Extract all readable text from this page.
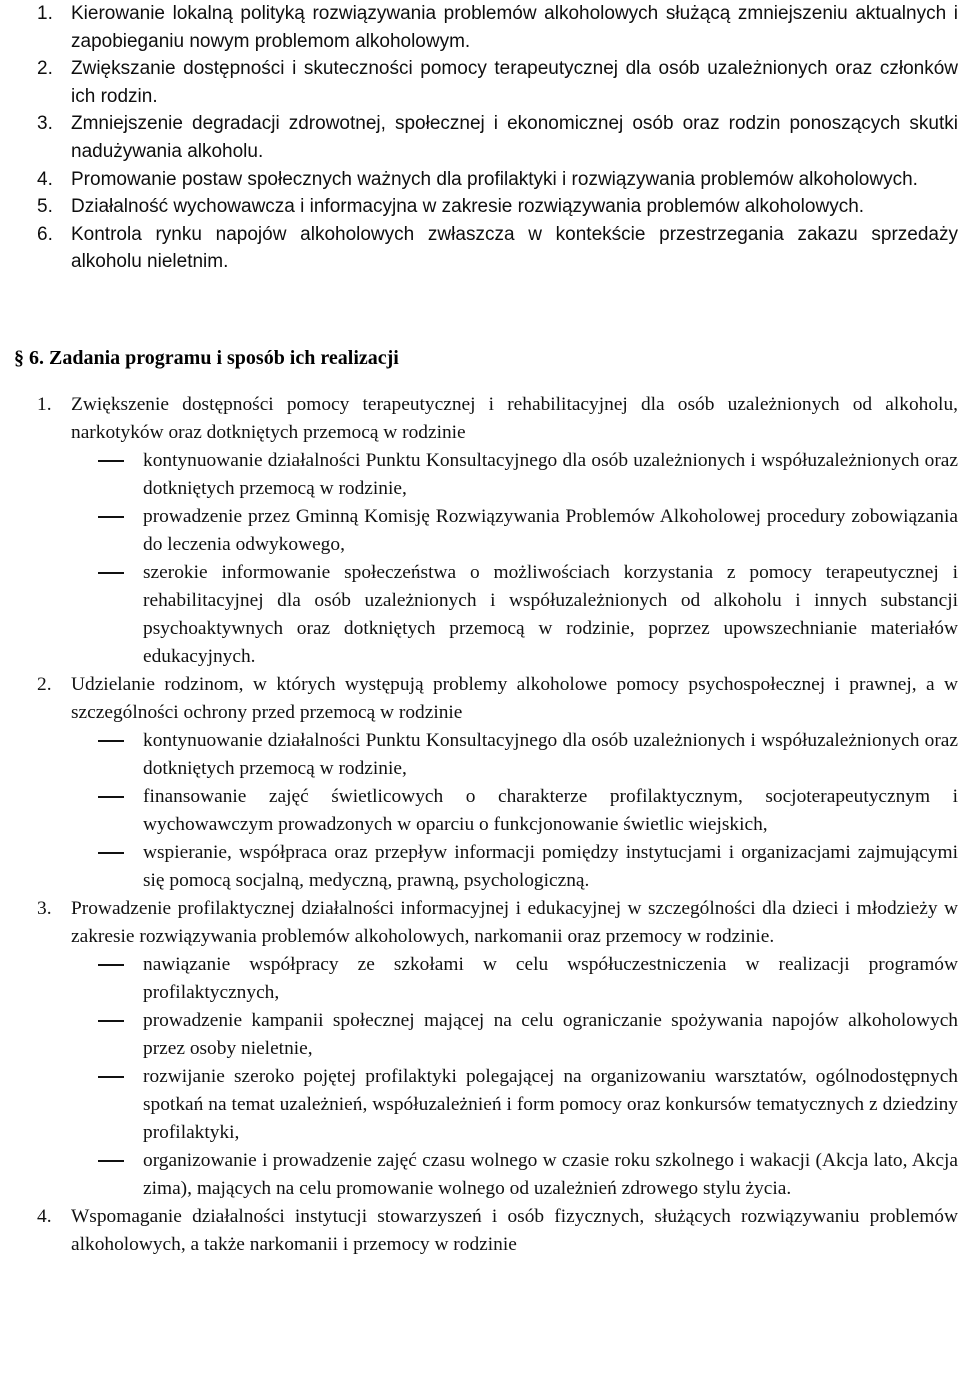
1. Kierowanie lokalną polityką rozwiązywania problemów alkoholowych służącą zmniejszeniu aktualnych i zapobieganiu nowym problemom alkoholowym.
2. Zwiększanie dostępności i skuteczności pomocy terapeutycznej dla osób uzależnionych oraz członków ich rodzin.
3. Zmniejszenie degradacji zdrowotnej, społecznej i ekonomicznej osób oraz rodzin ponoszących skutki nadużywania alkoholu.
4. Promowanie postaw społecznych ważnych dla profilaktyki i rozwiązywania problemów alkoholowych.
5. Działalność wychowawcza i informacyjna w zakresie rozwiązywania problemów alkoholowych.
6. Kontrola rynku napojów alkoholowych zwłaszcza w kontekście przestrzegania zakazu sprzedaży alkoholu nieletnim.
§ 6. Zadania programu i sposób ich realizacji
1. Zwiększenie dostępności pomocy terapeutycznej i rehabilitacyjnej dla osób uzależnionych od alkoholu, narkotyków oraz dotkniętych przemocą w rodzinie
kontynuowanie działalności Punktu Konsultacyjnego dla osób uzależnionych i współuzależnionych oraz dotkniętych przemocą w rodzinie,
prowadzenie przez Gminną Komisję Rozwiązywania Problemów Alkoholowej procedury zobowiązania do leczenia odwykowego,
szerokie informowanie społeczeństwa o możliwościach korzystania z pomocy terapeutycznej i rehabilitacyjnej dla osób uzależnionych i współuzależnionych od alkoholu i innych substancji psychoaktywnych oraz dotkniętych przemocą w rodzinie, poprzez upowszechnianie materiałów edukacyjnych.
2. Udzielanie rodzinom, w których występują problemy alkoholowe pomocy psychospołecznej i prawnej, a w szczególności ochrony przed przemocą w rodzinie
kontynuowanie działalności Punktu Konsultacyjnego dla osób uzależnionych i współuzależnionych oraz dotkniętych przemocą w rodzinie,
finansowanie zajęć świetlicowych o charakterze profilaktycznym, socjoterapeutycznym i wychowawczym prowadzonych w oparciu o funkcjonowanie świetlic wiejskich,
wspieranie, współpraca oraz przepływ informacji pomiędzy instytucjami i organizacjami zajmującymi się pomocą socjalną, medyczną, prawną, psychologiczną.
3. Prowadzenie profilaktycznej działalności informacyjnej i edukacyjnej w szczególności dla dzieci i młodzieży w zakresie rozwiązywania problemów alkoholowych, narkomanii oraz przemocy w rodzinie.
nawiązanie współpracy ze szkołami w celu współuczestniczenia w realizacji programów profilaktycznych,
prowadzenie kampanii społecznej mającej na celu ograniczanie spożywania napojów alkoholowych przez osoby nieletnie,
rozwijanie szeroko pojętej profilaktyki polegającej na organizowaniu warsztatów, ogólnodostępnych spotkań na temat uzależnień, współuzależnień i form pomocy oraz konkursów tematycznych z dziedziny profilaktyki,
organizowanie i prowadzenie zajęć czasu wolnego w czasie roku szkolnego i wakacji (Akcja lato, Akcja zima), mających na celu promowanie wolnego od uzależnień zdrowego stylu życia.
4. Wspomaganie działalności instytucji stowarzyszeń i osób fizycznych, służących rozwiązywaniu problemów alkoholowych, a także narkomanii i przemocy w rodzinie
